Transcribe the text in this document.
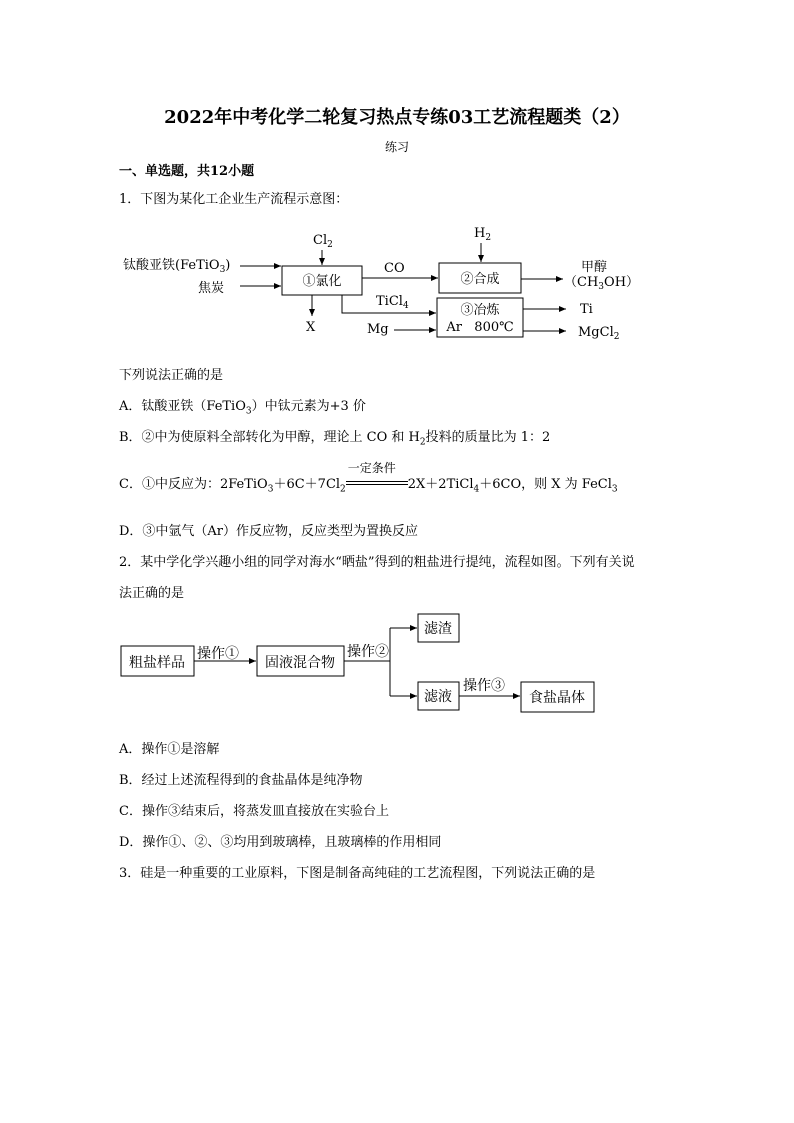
2022年中考化学二轮复习热点专练03工艺流程题类（2）
练习
一、单选题，共12小题
1．下图为某化工企业生产流程示意图：
钛酸亚铁(FeTiO$_3$)
焦炭
$Cl_2$
①氯化
X
CO
$H_2$
②合成
甲醇
$(CH_3OH)$
TiCl$_4$
Mg
③冶炼
Ar   800℃
Ti
MgCl$_2$
下列说法正确的是
A．钛酸亚铁（FeTiO$_3$）中钛元素为+3 价
B．②中为使原料全部转化为甲醇，理论上 CO 和 $H_2$投料的质量比为 1：2
C．①中反应为：$2FeTiO_3+6C+7Cl_2$
一定条件
2X＋2TiCl$_4$＋6CO，则 X 为 FeCl$_3$
D．③中氩气（Ar）作反应物，反应类型为置换反应
2．某中学化学兴趣小组的同学对海水“晒盐”得到的粗盐进行提纯，流程如图。下列有关说
法正确的是
粗盐样品
操作①
固液混合物
操作②
滤渣
滤液
操作③
食盐晶体
A．操作①是溶解
B．经过上述流程得到的食盐晶体是纯净物
C．操作③结束后，将蒸发皿直接放在实验台上
D．操作①、②、③均用到玻璃棒，且玻璃棒的作用相同
3．硅是一种重要的工业原料，下图是制备高纯硅的工艺流程图，下列说法正确的是
